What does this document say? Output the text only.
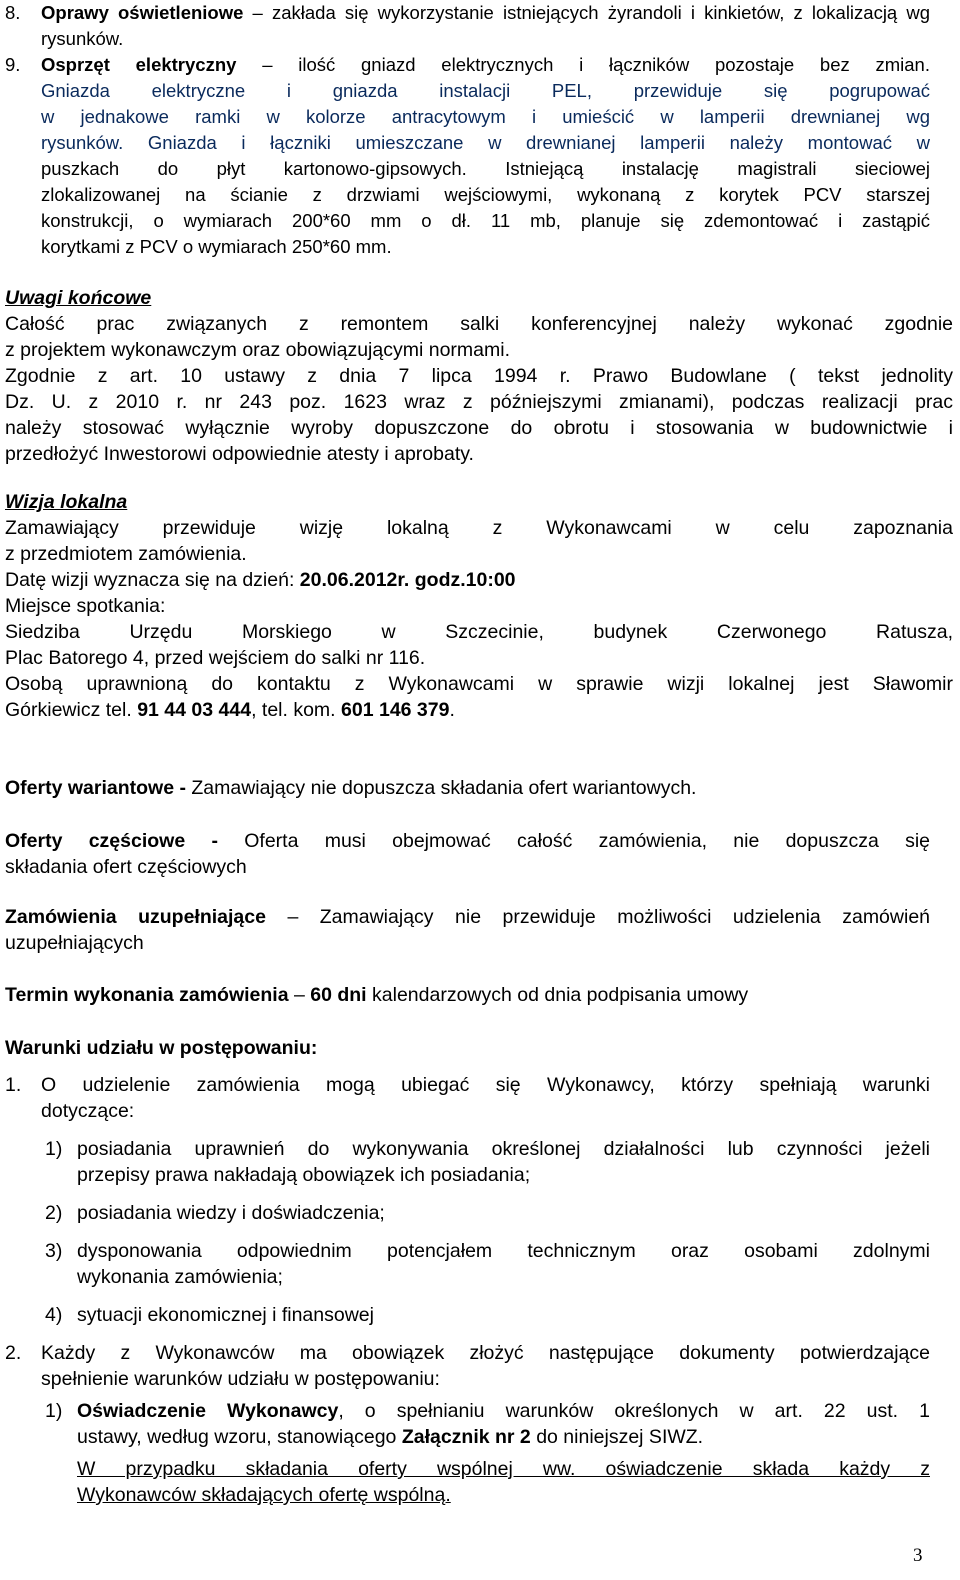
8.	Oprawy oświetleniowe – zakłada się wykorzystanie istniejących żyrandoli i kinkietów, z lokalizacją wg rysunków.

9.	Osprzęt elektryczny – ilość gniazd elektrycznych i łączników pozostaje bez zmian.

Gniazda elektryczne i gniazda instalacji PEL, przewiduje się pogrupować

w jednakowe ramki w kolorze antracytowym i umieścić w lamperii drewnianej wg

rysunków. Gniazda i łączniki umieszczane w drewnianej lamperii należy montować w

puszkach do płyt kartonowo-gipsowych. Istniejącą instalację magistrali sieciowej

zlokalizowanej na ścianie z drzwiami wejściowymi, wykonaną z korytek PCV starszej

konstrukcji, o wymiarach 200*60 mm o dł. 11 mb, planuje się zdemontować i zastąpić

korytkami z PCV o wymiarach 250*60 mm.

Uwagi końcowe

Całość prac związanych z remontem salki konferencyjnej należy wykonać zgodnie

z projektem wykonawczym oraz obowiązującymi normami.

Zgodnie z art. 10 ustawy z dnia 7 lipca 1994 r. Prawo Budowlane ( tekst jednolity

Dz. U. z 2010 r. nr 243 poz. 1623 wraz z późniejszymi zmianami), podczas realizacji prac

należy stosować wyłącznie wyroby dopuszczone do obrotu i stosowania w budownictwie i

przedłożyć Inwestorowi odpowiednie atesty i aprobaty.

Wizja lokalna

Zamawiający przewiduje wizję lokalną z Wykonawcami w celu zapoznania

z przedmiotem zamówienia.

Datę wizji wyznacza się na dzień: 20.06.2012r. godz.10:00

Miejsce spotkania:

Siedziba Urzędu Morskiego w Szczecinie, budynek Czerwonego Ratusza,

Plac Batorego 4, przed wejściem do salki nr 116.

Osobą uprawnioną do kontaktu z Wykonawcami w sprawie wizji lokalnej jest Sławomir

Górkiewicz tel. 91 44 03 444, tel. kom. 601 146 379.

Oferty wariantowe - Zamawiający nie dopuszcza składania ofert wariantowych.

Oferty częściowe - Oferta musi obejmować całość zamówienia, nie dopuszcza się

składania ofert częściowych

Zamówienia uzupełniające – Zamawiający nie przewiduje możliwości udzielenia zamówień

uzupełniających

Termin wykonania zamówienia – 60 dni kalendarzowych od dnia podpisania umowy

Warunki udziału w postępowaniu:

1.	O udzielenie zamówienia mogą ubiegać się Wykonawcy, którzy spełniają warunki

dotyczące:

1) posiadania uprawnień do wykonywania określonej działalności lub czynności jeżeli

przepisy prawa nakładają obowiązek ich posiadania;

2) posiadania wiedzy i doświadczenia;

3) dysponowania odpowiednim potencjałem technicznym oraz osobami zdolnymi

wykonania zamówienia;

4) sytuacji ekonomicznej i finansowej

2.	Każdy z Wykonawców ma obowiązek złożyć następujące dokumenty potwierdzające

spełnienie warunków udziału w postępowaniu:

1) Oświadczenie Wykonawcy, o spełnianiu warunków określonych w art. 22 ust. 1

ustawy, według wzoru, stanowiącego Załącznik nr 2 do niniejszej SIWZ.

W przypadku składania oferty wspólnej ww. oświadczenie składa każdy z

Wykonawców składających ofertę wspólną.

3
